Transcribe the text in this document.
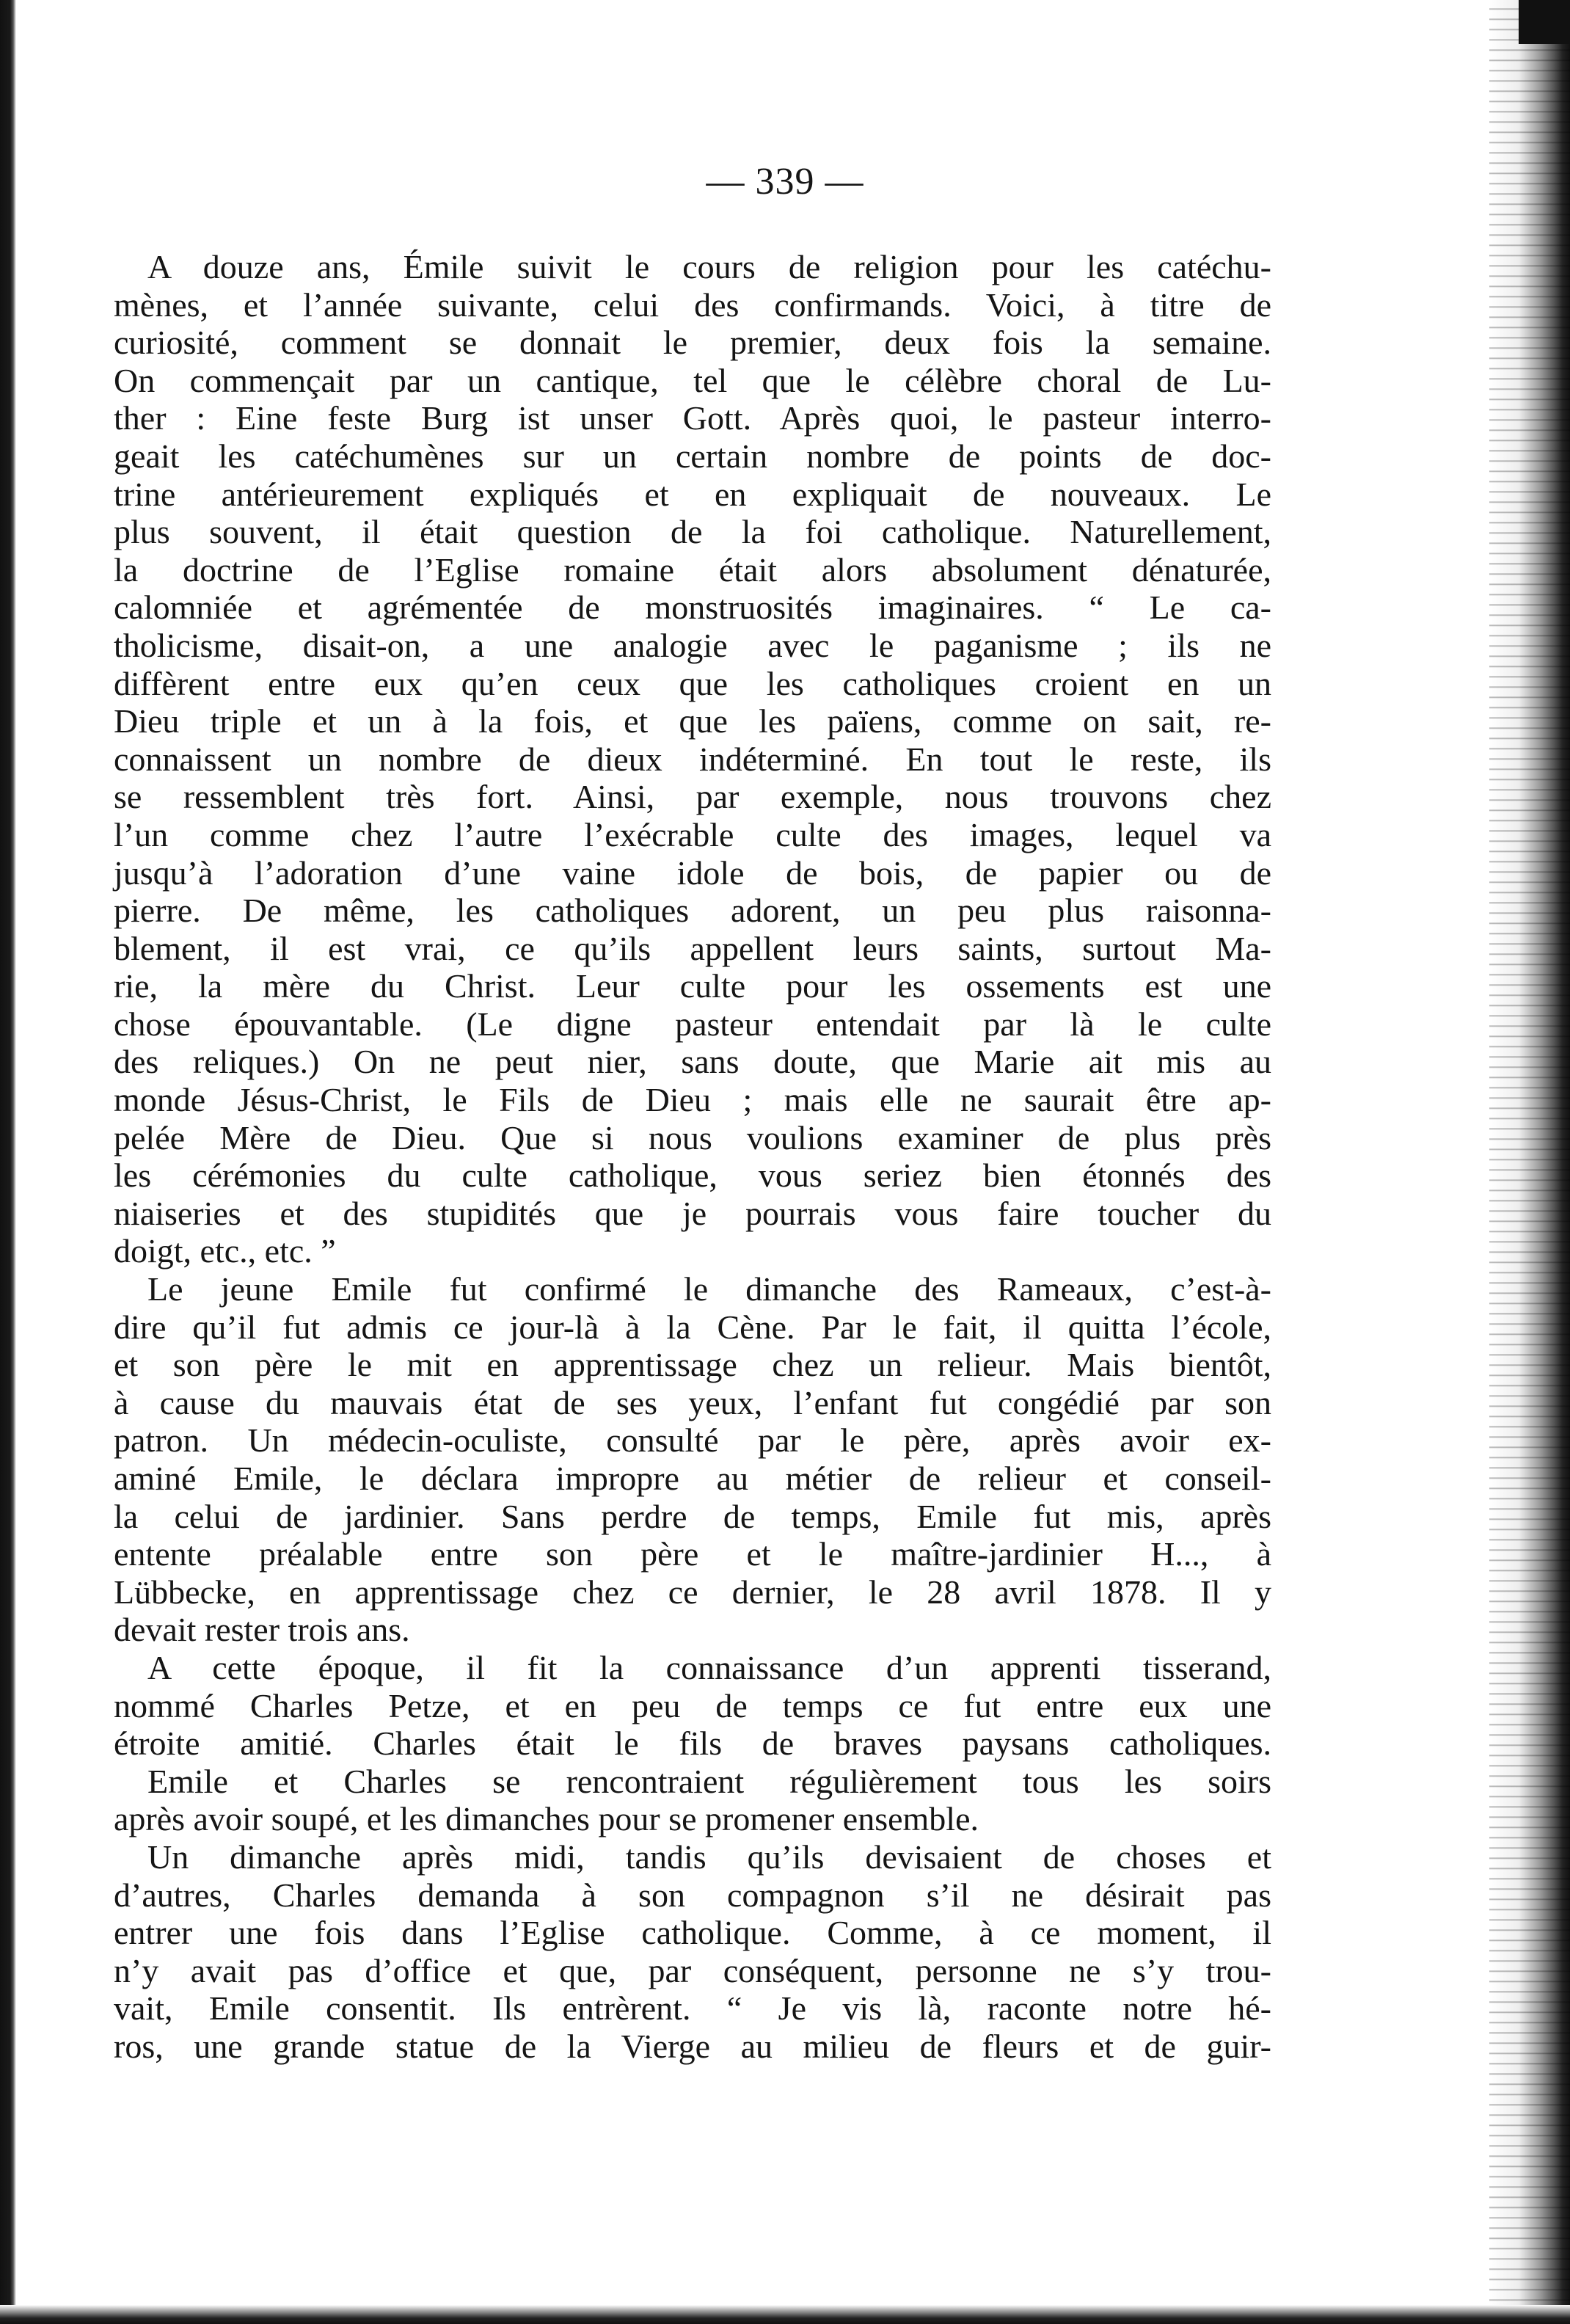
— 339 —
A douze ans, Émile suivit le cours de religion pour les catéchu-
mènes, et l’année suivante, celui des confirmands. Voici, à titre de
curiosité, comment se donnait le premier, deux fois la semaine.
On commençait par un cantique, tel que le célèbre choral de Lu-
ther : Eine feste Burg ist unser Gott. Après quoi, le pasteur interro-
geait les catéchumènes sur un certain nombre de points de doc-
trine antérieurement expliqués et en expliquait de nouveaux. Le
plus souvent, il était question de la foi catholique. Naturellement,
la doctrine de l’Eglise romaine était alors absolument dénaturée,
calomniée et agrémentée de monstruosités imaginaires. “ Le ca-
tholicisme, disait-on, a une analogie avec le paganisme ; ils ne
diffèrent entre eux qu’en ceux que les catholiques croient en un
Dieu triple et un à la fois, et que les païens, comme on sait, re-
connaissent un nombre de dieux indéterminé. En tout le reste, ils
se ressemblent très fort. Ainsi, par exemple, nous trouvons chez
l’un comme chez l’autre l’exécrable culte des images, lequel va
jusqu’à l’adoration d’une vaine idole de bois, de papier ou de
pierre. De même, les catholiques adorent, un peu plus raisonna-
blement, il est vrai, ce qu’ils appellent leurs saints, surtout Ma-
rie, la mère du Christ. Leur culte pour les ossements est une
chose épouvantable. (Le digne pasteur entendait par là le culte
des reliques.) On ne peut nier, sans doute, que Marie ait mis au
monde Jésus-Christ, le Fils de Dieu ; mais elle ne saurait être ap-
pelée Mère de Dieu. Que si nous voulions examiner de plus près
les cérémonies du culte catholique, vous seriez bien étonnés des
niaiseries et des stupidités que je pourrais vous faire toucher du
doigt, etc., etc. ”
Le jeune Emile fut confirmé le dimanche des Rameaux, c’est-à-
dire qu’il fut admis ce jour-là à la Cène. Par le fait, il quitta l’école,
et son père le mit en apprentissage chez un relieur. Mais bientôt,
à cause du mauvais état de ses yeux, l’enfant fut congédié par son
patron. Un médecin-oculiste, consulté par le père, après avoir ex-
aminé Emile, le déclara impropre au métier de relieur et conseil-
la celui de jardinier. Sans perdre de temps, Emile fut mis, après
entente préalable entre son père et le maître-jardinier H..., à
Lübbecke, en apprentissage chez ce dernier, le 28 avril 1878. Il y
devait rester trois ans.
A cette époque, il fit la connaissance d’un apprenti tisserand,
nommé Charles Petze, et en peu de temps ce fut entre eux une
étroite amitié. Charles était le fils de braves paysans catholiques.
Emile et Charles se rencontraient régulièrement tous les soirs
après avoir soupé, et les dimanches pour se promener ensemble.
Un dimanche après midi, tandis qu’ils devisaient de choses et
d’autres, Charles demanda à son compagnon s’il ne désirait pas
entrer une fois dans l’Eglise catholique. Comme, à ce moment, il
n’y avait pas d’office et que, par conséquent, personne ne s’y trou-
vait, Emile consentit. Ils entrèrent. “ Je vis là, raconte notre hé-
ros, une grande statue de la Vierge au milieu de fleurs et de guir-
